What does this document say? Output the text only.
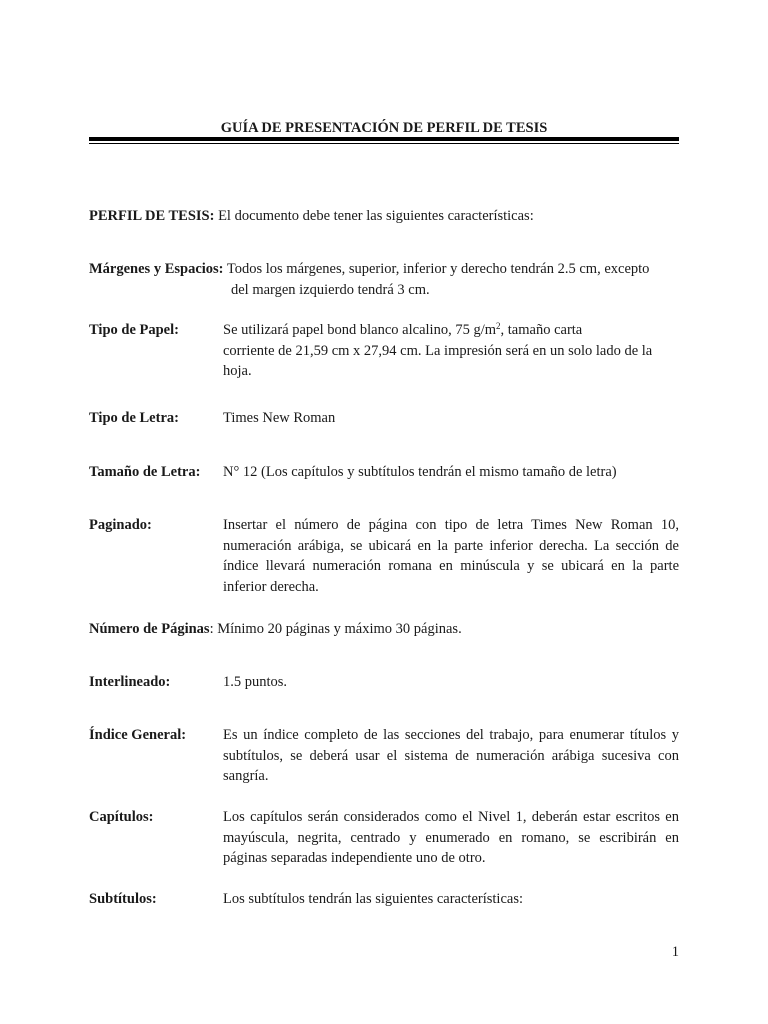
GUÍA DE PRESENTACIÓN DE PERFIL DE TESIS
PERFIL DE TESIS: El documento debe tener las siguientes características:
Márgenes y Espacios: Todos los márgenes, superior, inferior y derecho tendrán 2.5 cm, excepto
del margen izquierdo tendrá 3 cm.
Tipo de Papel:	Se utilizará papel bond blanco alcalino, 75 $g/m^2$, tamaño carta
corriente de 21,59 cm x 27,94 cm. La impresión será en un solo lado de la
hoja.
Tipo de Letra:	Times New Roman
Tamaño de Letra: N° 12 (Los capítulos y subtítulos tendrán el mismo tamaño de letra)
Paginado:	Insertar el número de página con tipo de letra Times New Roman 10, numeración arábiga, se ubicará en la parte inferior derecha. La sección de índice llevará numeración romana en minúscula y se ubicará en la parte inferior derecha.
Número de Páginas: Mínimo 20 páginas y máximo 30 páginas.
Interlineado:	1.5 puntos.
Índice General:	Es un índice completo de las secciones del trabajo, para enumerar títulos y subtítulos, se deberá usar el sistema de numeración arábiga sucesiva con sangría.
Capítulos:	Los capítulos serán considerados como el Nivel 1, deberán estar escritos en mayúscula, negrita, centrado y enumerado en romano, se escribirán en páginas separadas independiente uno de otro.
Subtítulos:	Los subtítulos tendrán las siguientes características:
1
